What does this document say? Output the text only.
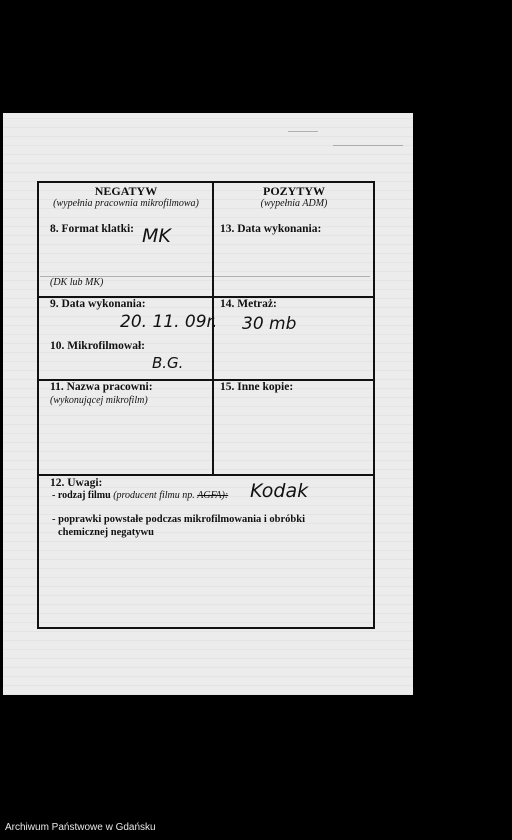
NEGATYW
(wypełnia pracownia mikrofilmowa)
POZYTYW
(wypełnia ADM)
8. Format klatki: MK
(DK lub MK)
13. Data wykonania:
9. Data wykonania:
20. 11. 09r.
10. Mikrofilmował:
B.G.
14. Metraż:
30 mb
11. Nazwa pracowni:
(wykonującej mikrofilm)
15. Inne kopie:
12. Uwagi:
- rodzaj filmu (producent filmu np. AGFA): Kodak
- poprawki powstałe podczas mikrofilmowania i obróbki
chemicznej negatywu
Archiwum Państwowe w Gdańsku
